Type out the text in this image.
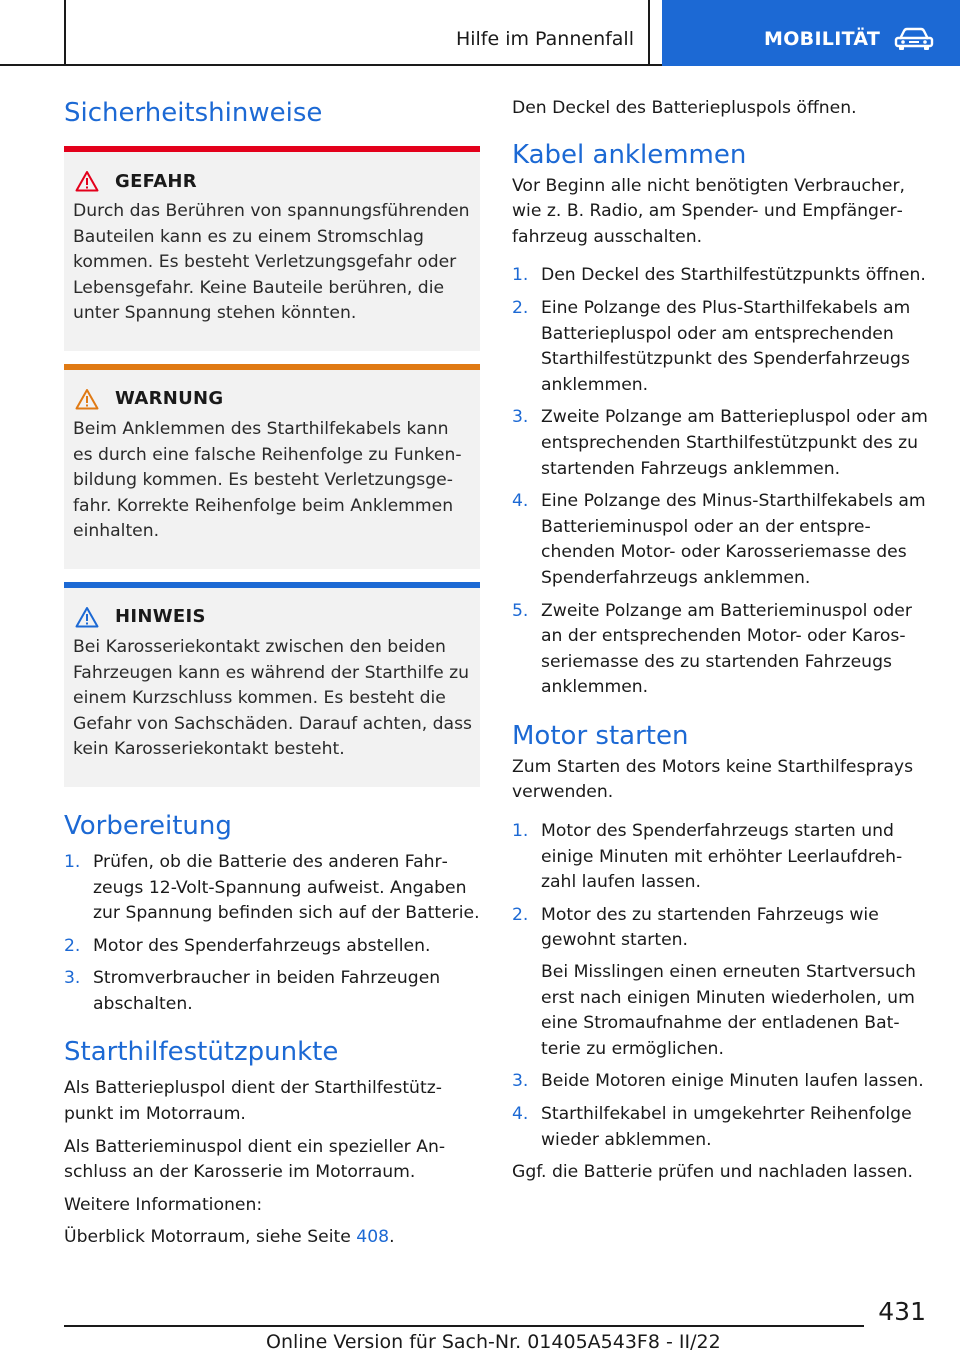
Hilfe im Pannenfall	MOBILITÄT
Sicherheitshinweise
GEFAHR
Durch das Berühren von spannungsführenden Bauteilen kann es zu einem Stromschlag kommen. Es besteht Verletzungsgefahr oder Lebensgefahr. Keine Bauteile berühren, die unter Spannung stehen könnten.
WARNUNG
Beim Anklemmen des Starthilfekabels kann es durch eine falsche Reihenfolge zu Funkenbildung kommen. Es besteht Verletzungsgefahr. Korrekte Reihenfolge beim Anklemmen einhalten.
HINWEIS
Bei Karosseriekontakt zwischen den beiden Fahrzeugen kann es während der Starthilfe zu einem Kurzschluss kommen. Es besteht die Gefahr von Sachschäden. Darauf achten, dass kein Karosseriekontakt besteht.
Vorbereitung
1. Prüfen, ob die Batterie des anderen Fahrzeugs 12-Volt-Spannung aufweist. Angaben zur Spannung befinden sich auf der Batterie.
2. Motor des Spenderfahrzeugs abstellen.
3. Stromverbraucher in beiden Fahrzeugen abschalten.
Starthilfestützpunkte

Als Batteriepluspol dient der Starthilfestützpunkt im Motorraum.

Als Batterieminuspol dient ein spezieller Anschluss an der Karosserie im Motorraum.

Weitere Informationen:

Überblick Motorraum, siehe Seite 408.

Den Deckel des Batteriepluspols öffnen.

Kabel anklemmen

Vor Beginn alle nicht benötigten Verbraucher, wie z. B. Radio, am Spender- und Empfängerfahrzeug ausschalten.

1. Den Deckel des Starthilfestützpunkts öffnen.
2. Eine Polzange des Plus-Starthilfekabels am Batteriepluspol oder am entsprechenden Starthilfestützpunkt des Spenderfahrzeugs anklemmen.
3. Zweite Polzange am Batteriepluspol oder am entsprechenden Starthilfestützpunkt des zu startenden Fahrzeugs anklemmen.
4. Eine Polzange des Minus-Starthilfekabels am Batterieminuspol oder an der entsprechenden Motor- oder Karosseriemasse des Spenderfahrzeugs anklemmen.
5. Zweite Polzange am Batterieminuspol oder an der entsprechenden Motor- oder Karosseriemasse des zu startenden Fahrzeugs anklemmen.
Motor starten

Zum Starten des Motors keine Starthilfesprays verwenden.

1. Motor des Spenderfahrzeugs starten und einige Minuten mit erhöhter Leerlaufdrehzahl laufen lassen.
2. Motor des zu startenden Fahrzeugs wie gewohnt starten.

Bei Misslingen einen erneuten Startversuch erst nach einigen Minuten wiederholen, um eine Stromaufnahme der entladenen Batterie zu ermöglichen.

3. Beide Motoren einige Minuten laufen lassen.
4. Starthilfekabel in umgekehrter Reihenfolge wieder abklemmen.

Ggf. die Batterie prüfen und nachladen lassen.

431
Online Version für Sach-Nr. 01405A543F8 - II/22
